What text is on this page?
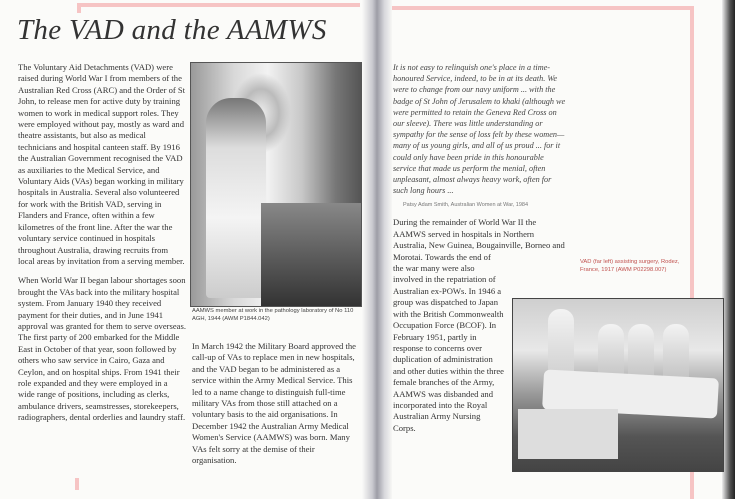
The VAD and the AAMWS

The Voluntary Aid Detachments (VAD) were raised during World War I from members of the Australian Red Cross (ARC) and the Order of St John, to release men for active duty by training women to work in medical support roles. They were employed without pay, mostly as ward and theatre assistants, but also as medical technicians and hospital canteen staff. By 1916 the Australian Government recognised the VAD as auxiliaries to the Medical Service, and Voluntary Aids (VAs) began working in military hospitals in Australia. Several also volunteered for work with the British VAD, serving in Flanders and France, often within a few kilometres of the front line. After the war the voluntary service continued in hospitals throughout Australia, drawing recruits from local areas by invitation from a serving member.

When World War II began labour shortages soon brought the VAs back into the military hospital system. From January 1940 they received payment for their duties, and in June 1941 approval was granted for them to serve overseas. The first party of 200 embarked for the Middle East in October of that year, soon followed by others who saw service in Cairo, Gaza and Ceylon, and on hospital ships. From 1941 their role expanded and they were employed in a wide range of positions, including as clerks, ambulance drivers, seamstresses, storekeepers, radiographers, dental orderlies and laundry staff.

AAMWS member at work in the pathology laboratory of No 110 AGH, 1944 (AWM P1844.042)
In March 1942 the Military Board approved the call-up of VAs to replace men in new hospitals, and the VAD began to be administered as a service within the Army Medical Service. This led to a name change to distinguish full-time military VAs from those still attached on a voluntary basis to the aid organisations. In December 1942 the Australian Army Medical Women's Service (AAMWS) was born. Many VAs felt sorry at the demise of their organisation.
It is not easy to relinquish one's place in a time-honoured Service, indeed, to be in at its death. We were to change from our navy uniform ... with the badge of St John of Jerusalem to khaki (although we were permitted to retain the Geneva Red Cross on our sleeve). There was little understanding or sympathy for the sense of loss felt by these women—many of us young girls, and all of us proud ... for it could only have been pride in this honourable service that made us perform the menial, often unpleasant, almost always heavy work, often for such long hours ...
Patsy Adam Smith, Australian Women at War, 1984
During the remainder of World War II the AAMWS served in hospitals in Northern Australia, New Guinea, Bougainville, Borneo and Morotai. Towards the end of
the war many were also involved in the repatriation of Australian ex-POWs. In 1946 a group was dispatched to Japan with the British Commonwealth Occupation Force (BCOF). In February 1951, partly in response to concerns over duplication of administration and other duties within the three female branches of the Army, AAMWS was disbanded and incorporated into the Royal Australian Army Nursing Corps.
VAD (far left) assisting surgery, Rodez, France, 1917 (AWM P02298.007)
